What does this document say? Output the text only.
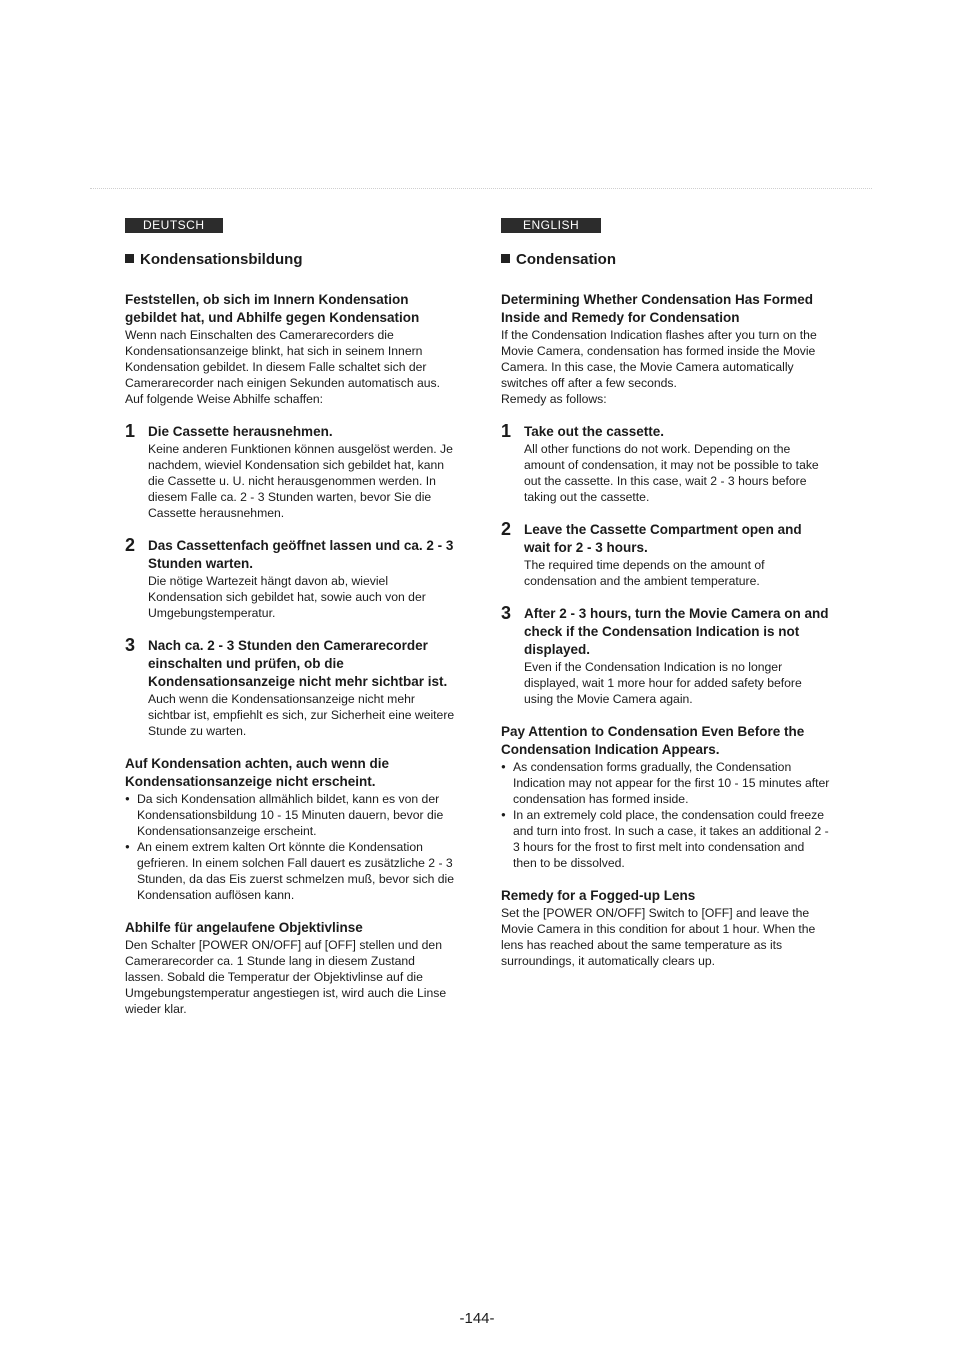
DEUTSCH
Kondensationsbildung

Feststellen, ob sich im Innern Kondensation gebildet hat, und Abhilfe gegen Kondensation

Wenn nach Einschalten des Camerarecorders die Kondensationsanzeige blinkt, hat sich in seinem Innern Kondensation gebildet. In diesem Falle schaltet sich der Camerarecorder nach einigen Sekunden automatisch aus.

Auf folgende Weise Abhilfe schaffen:

1 Die Cassette herausnehmen.

Keine anderen Funktionen können ausgelöst werden. Je nachdem, wieviel Kondensation sich gebildet hat, kann die Cassette u. U. nicht herausgenommen werden. In diesem Falle ca. 2 - 3 Stunden warten, bevor Sie die Cassette herausnehmen.

2 Das Cassettenfach geöffnet lassen und ca. 2 - 3 Stunden warten.

Die nötige Wartezeit hängt davon ab, wieviel Kondensation sich gebildet hat, sowie auch von der Umgebungstemperatur.

3 Nach ca. 2 - 3 Stunden den Camerarecorder einschalten und prüfen, ob die Kondensationsanzeige nicht mehr sichtbar ist.

Auch wenn die Kondensationsanzeige nicht mehr sichtbar ist, empfiehlt es sich, zur Sicherheit eine weitere Stunde zu warten.

Auf Kondensation achten, auch wenn die Kondensationsanzeige nicht erscheint.

● Da sich Kondensation allmählich bildet, kann es von der Kondensationsbildung 10 - 15 Minuten dauern, bevor die Kondensationsanzeige erscheint.
● An einem extrem kalten Ort könnte die Kondensation gefrieren. In einem solchen Fall dauert es zusätzliche 2 - 3 Stunden, da das Eis zuerst schmelzen muß, bevor sich die Kondensation auflösen kann.

Abhilfe für angelaufene Objektivlinse

Den Schalter [POWER ON/OFF] auf [OFF] stellen und den Camerarecorder ca. 1 Stunde lang in diesem Zustand lassen. Sobald die Temperatur der Objektivlinse auf die Umgebungstemperatur angestiegen ist, wird auch die Linse wieder klar.

ENGLISH
Condensation

Determining Whether Condensation Has Formed Inside and Remedy for Condensation

If the Condensation Indication flashes after you turn on the Movie Camera, condensation has formed inside the Movie Camera. In this case, the Movie Camera automatically switches off after a few seconds.

Remedy as follows:

1 Take out the cassette.

All other functions do not work. Depending on the amount of condensation, it may not be possible to take out the cassette. In this case, wait 2 - 3 hours before taking out the cassette.

2 Leave the Cassette Compartment open and wait for 2 - 3 hours.

The required time depends on the amount of condensation and the ambient temperature.

3 After 2 - 3 hours, turn the Movie Camera on and check if the Condensation Indication is not displayed.

Even if the Condensation Indication is no longer displayed, wait 1 more hour for added safety before using the Movie Camera again.

Pay Attention to Condensation Even Before the Condensation Indication Appears.

● As condensation forms gradually, the Condensation Indication may not appear for the first 10 - 15 minutes after condensation has formed inside.
● In an extremely cold place, the condensation could freeze and turn into frost. In such a case, it takes an additional 2 - 3 hours for the frost to first melt into condensation and then to be dissolved.

Remedy for a Fogged-up Lens

Set the [POWER ON/OFF] Switch to [OFF] and leave the Movie Camera in this condition for about 1 hour. When the lens has reached about the same temperature as its surroundings, it automatically clears up.

-144-
